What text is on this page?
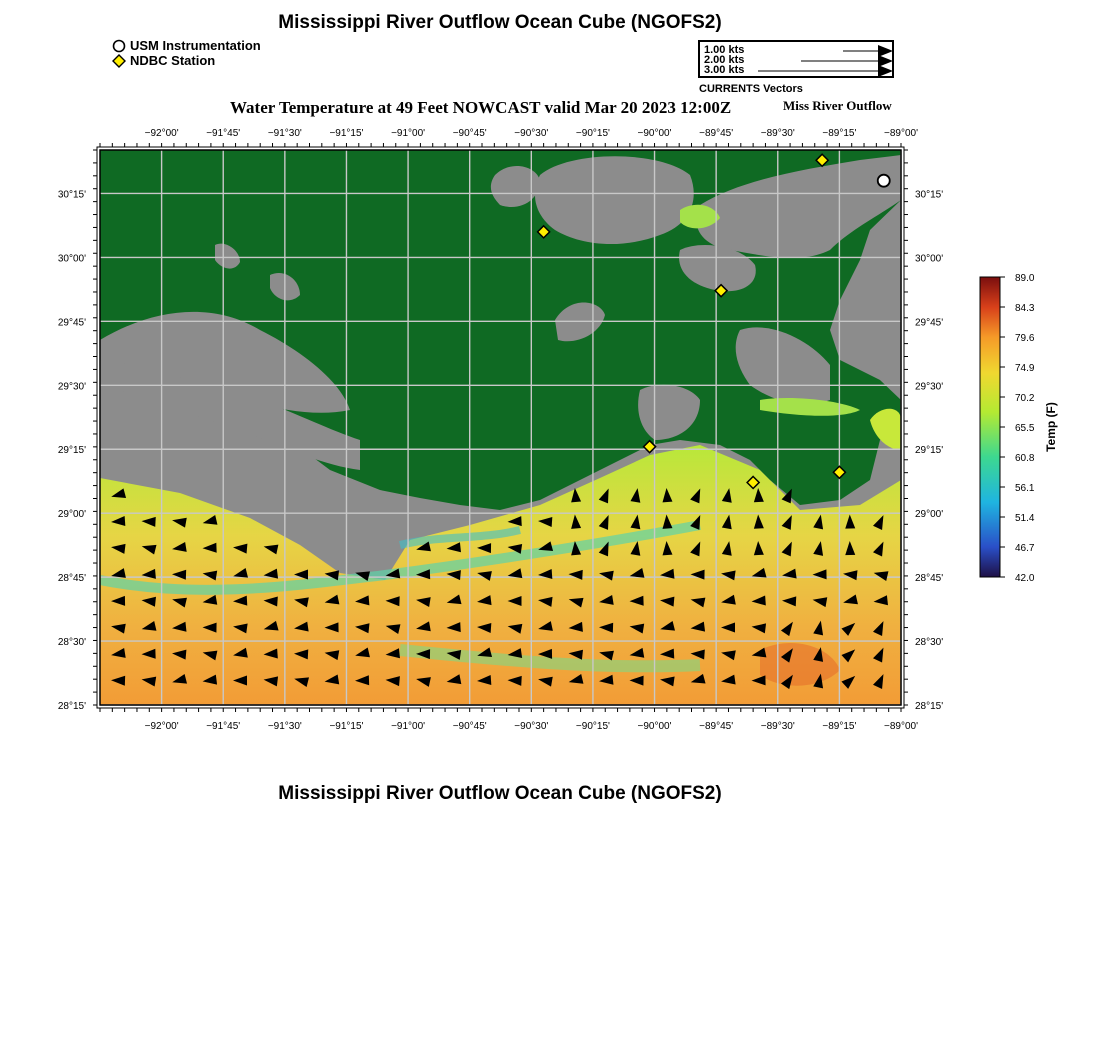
Mississippi River Outflow Ocean Cube (NGOFS2)
USM Instrumentation
NDBC Station
1.00 kts
2.00 kts
3.00 kts
CURRENTS Vectors
Water Temperature at 49 Feet NOWCAST valid Mar 20 2023 12:00Z	Miss River Outflow
−92°00'	−91°45'	−91°30'	−91°15'	−91°00'	−90°45'	−90°30'	−90°15'	−90°00'	−89°45'	−89°30'	−89°15'	−89°00'
−92°00'	−91°45'	−91°30'	−91°15'	−91°00'	−90°45'	−90°30'	−90°15'	−90°00'	−89°45'	−89°30'	−89°15'	−89°00'
30°15'
30°00'
29°45'
29°30'
29°15'
29°00'
28°45'
28°30'
28°15'
30°15'
30°00'
29°45'
29°30'
29°15'
29°00'
28°45'
28°30'
28°15'
89.0
84.3
79.6
74.9
70.2
65.5
60.8
56.1
51.4
46.7
42.0
Temp (F)
Mississippi River Outflow Ocean Cube (NGOFS2)
